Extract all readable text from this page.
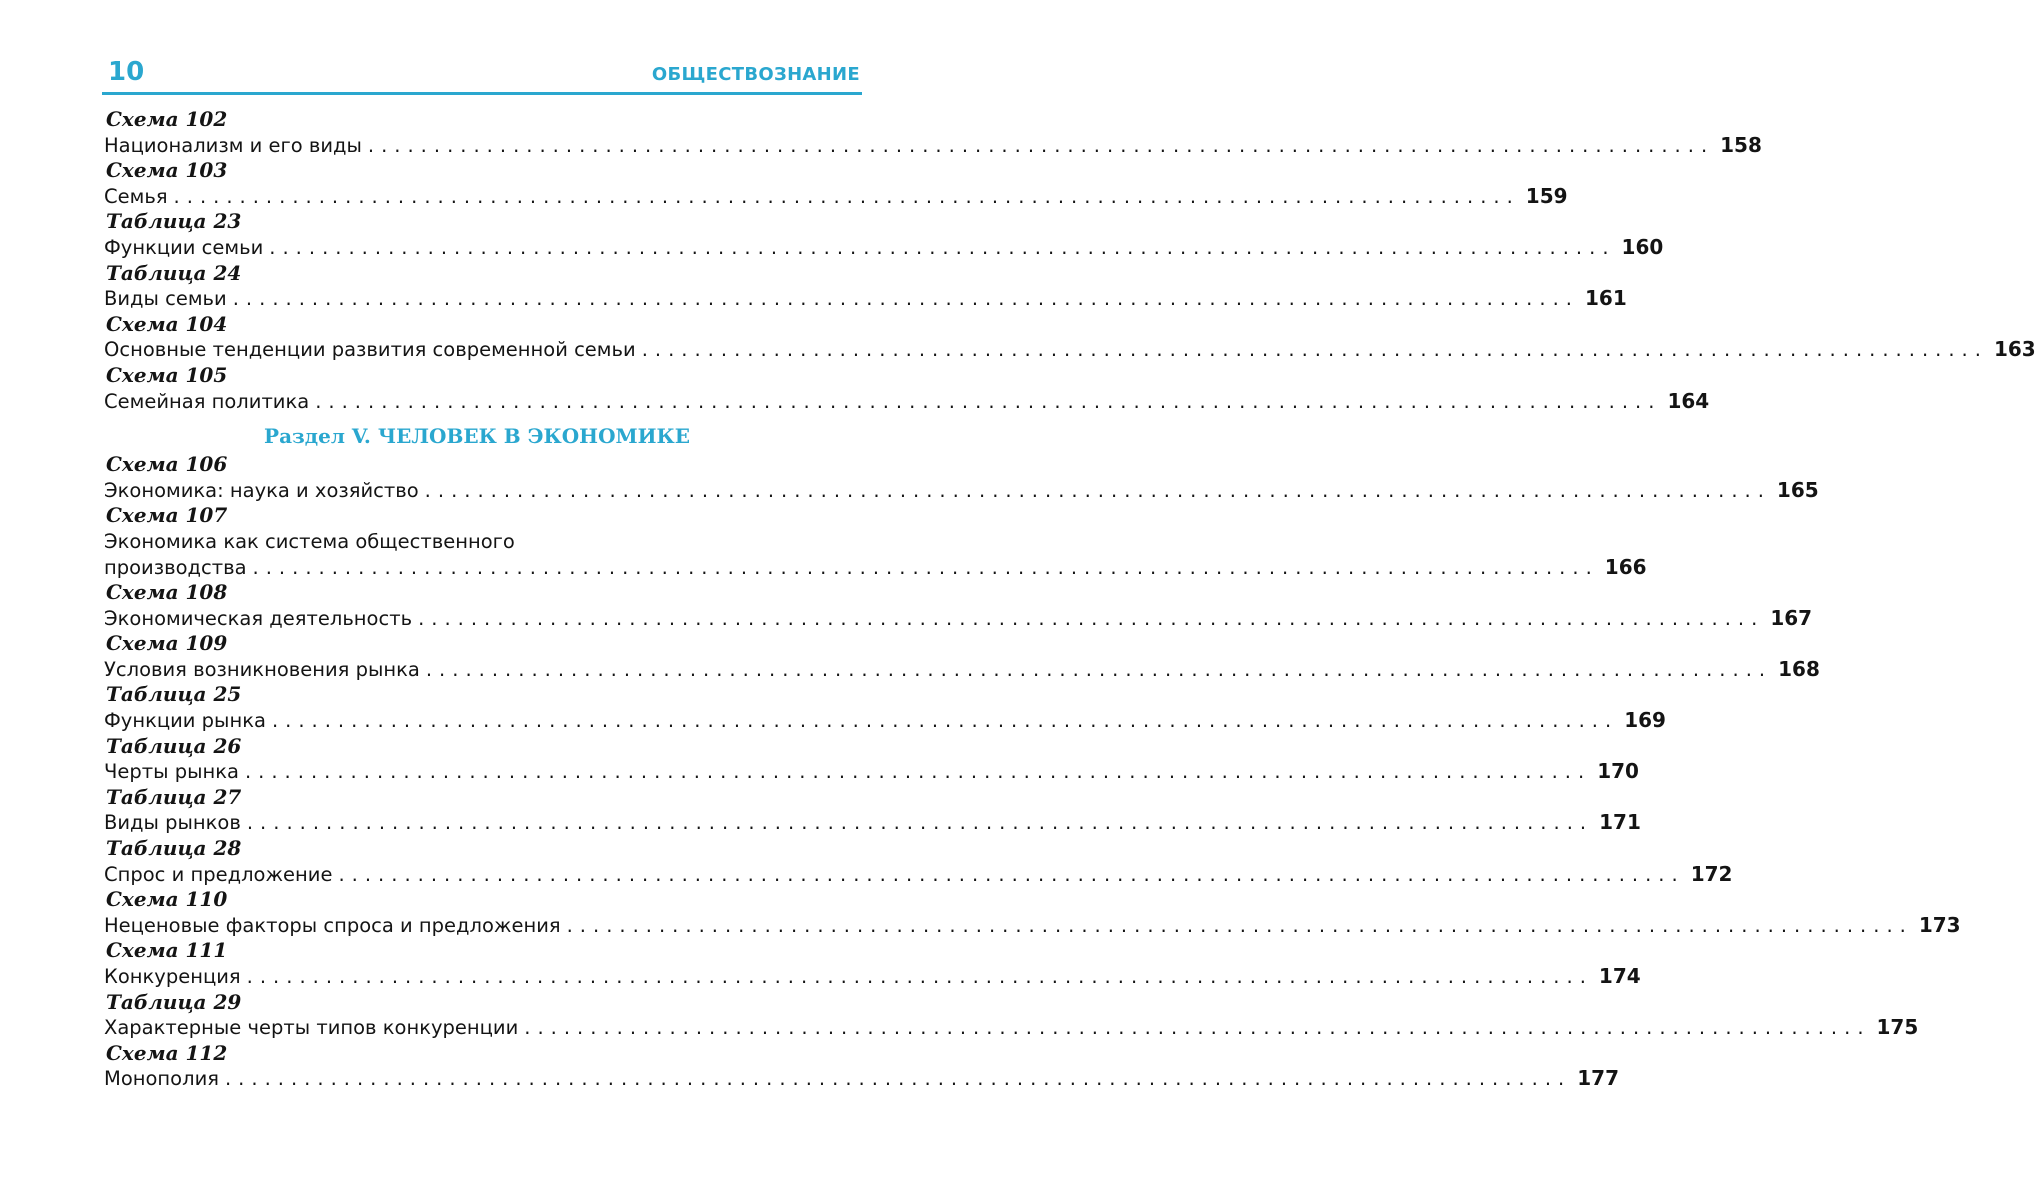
10	ОБЩЕСТВОЗНАНИЕ
Схема 102
Национализм и его виды ...................................................................................................... 158
Схема 103
Семья ...................................................................................................... 159
Таблица 23
Функции семьи ...................................................................................................... 160
Таблица 24
Виды семьи ...................................................................................................... 161
Схема 104
Основные тенденции развития современной семьи ...................................................................................................... 163
Схема 105
Семейная политика ...................................................................................................... 164
Раздел V. ЧЕЛОВЕК В ЭКОНОМИКЕ
Схема 106
Экономика: наука и хозяйство ...................................................................................................... 165
Схема 107
Экономика как система общественного
производства ...................................................................................................... 166
Схема 108
Экономическая деятельность ...................................................................................................... 167
Схема 109
Условия возникновения рынка ...................................................................................................... 168
Таблица 25
Функции рынка ...................................................................................................... 169
Таблица 26
Черты рынка ...................................................................................................... 170
Таблица 27
Виды рынков ...................................................................................................... 171
Таблица 28
Спрос и предложение ...................................................................................................... 172
Схема 110
Неценовые факторы спроса и предложения ...................................................................................................... 173
Схема 111
Конкуренция ...................................................................................................... 174
Таблица 29
Характерные черты типов конкуренции ...................................................................................................... 175
Схема 112
Монополия ...................................................................................................... 177
